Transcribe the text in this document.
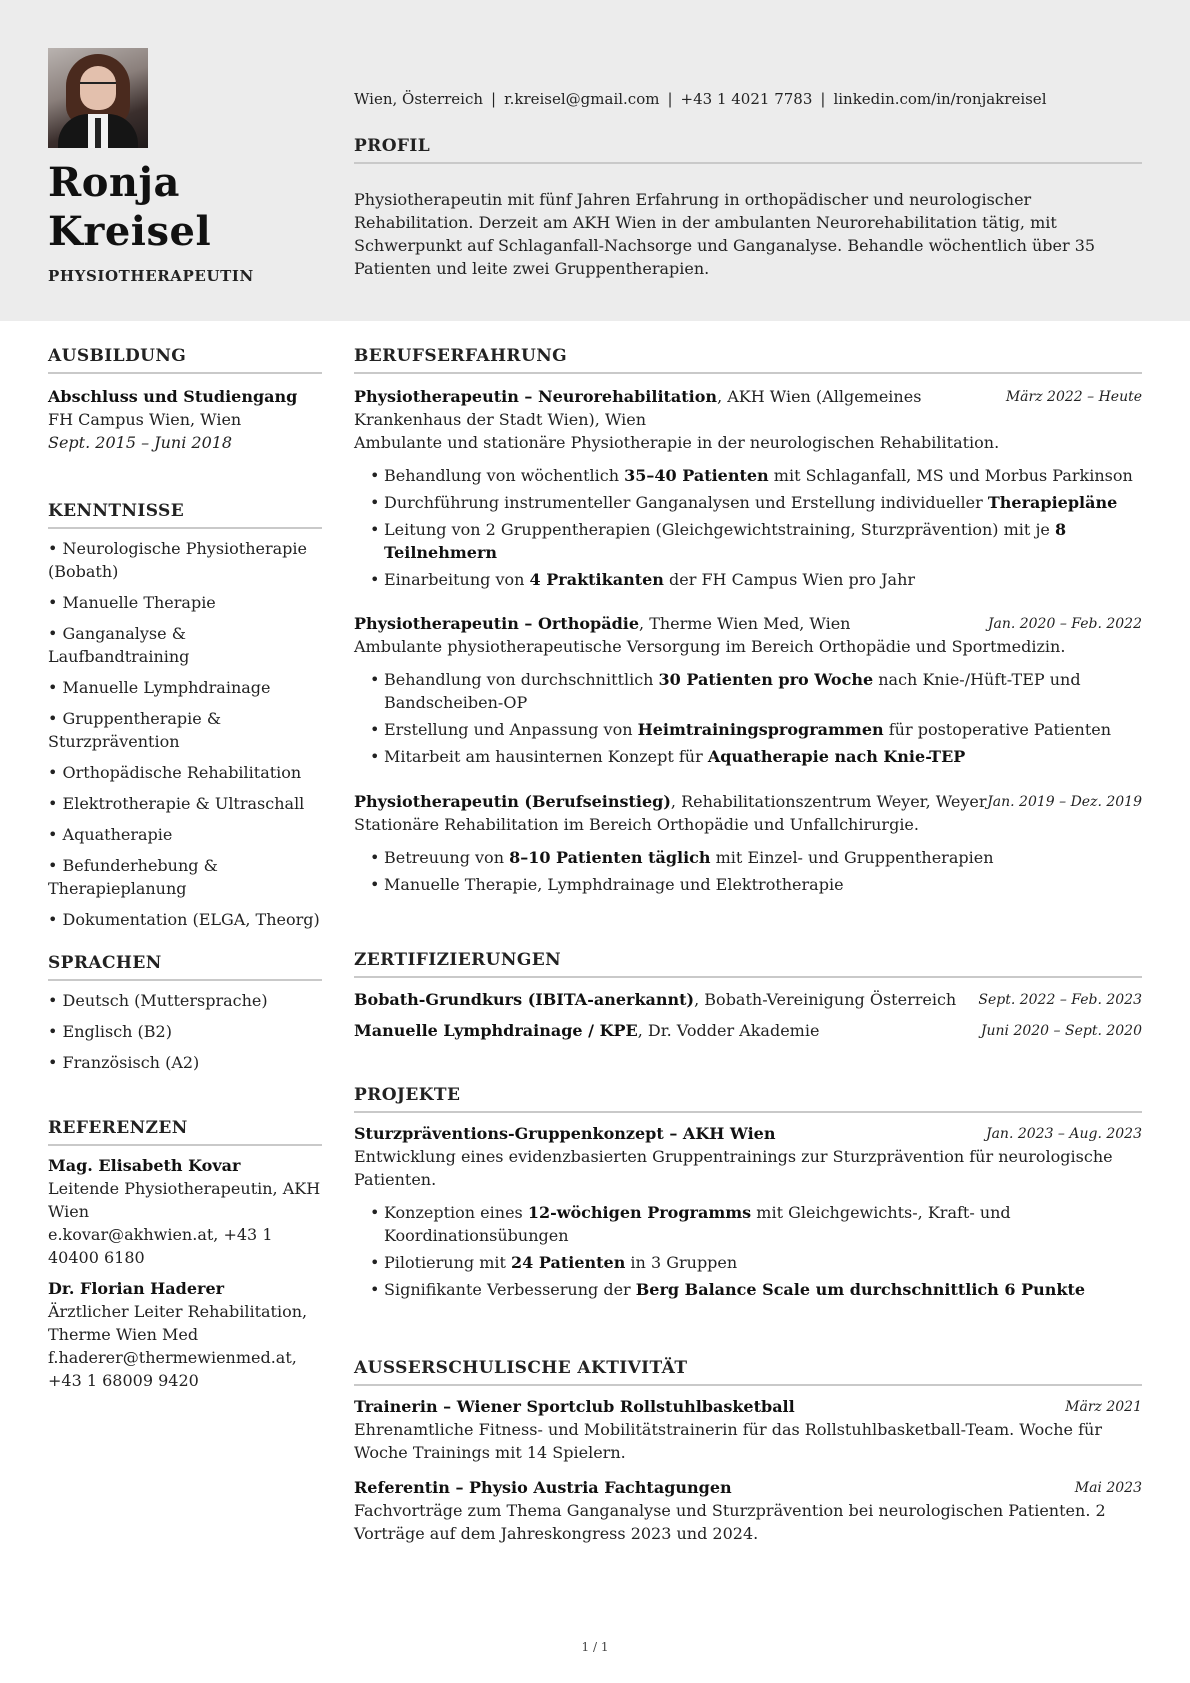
Ronja
Kreisel
PHYSIOTHERAPEUTIN
Wien, Österreich | r.kreisel@gmail.com | +43 1 4021 7783 | linkedin.com/in/ronjakreisel
PROFIL

Physiotherapeutin mit fünf Jahren Erfahrung in orthopädischer und neurologischer Rehabilitation. Derzeit am AKH Wien in der ambulanten Neurorehabilitation tätig, mit Schwerpunkt auf Schlaganfall-Nachsorge und Ganganalyse. Behandle wöchentlich über 35 Patienten und leite zwei Gruppentherapien.

AUSBILDUNG

Abschluss und Studiengang

FH Campus Wien, Wien

Sept. 2015 – Juni 2018

KENNTNISSE
• Neurologische Physiotherapie (Bobath)
• Manuelle Therapie
• Ganganalyse & Laufbandtraining
• Manuelle Lymphdrainage
• Gruppentherapie & Sturzprävention
• Orthopädische Rehabilitation
• Elektrotherapie & Ultraschall
• Aquatherapie
• Befunderhebung & Therapieplanung
• Dokumentation (ELGA, Theorg)
SPRACHEN
• Deutsch (Muttersprache)
• Englisch (B2)
• Französisch (A2)
REFERENZEN

Mag. Elisabeth Kovar

Leitende Physiotherapeutin, AKH Wien

e.kovar@akhwien.at, +43 1 40400 6180

Dr. Florian Haderer

Ärztlicher Leiter Rehabilitation, Therme Wien Med

f.haderer@thermewienmed.at, +43 1 68009 9420

BERUFSERFAHRUNG
Physiotherapeutin – Neurorehabilitation, AKH Wien (Allgemeines Krankenhaus der Stadt Wien), Wien
März 2022 – Heute

Ambulante und stationäre Physiotherapie in der neurologischen Rehabilitation.

• Behandlung von wöchentlich 35–40 Patienten mit Schlaganfall, MS und Morbus Parkinson
• Durchführung instrumenteller Ganganalysen und Erstellung individueller Therapiepläne
• Leitung von 2 Gruppentherapien (Gleichgewichtstraining, Sturzprävention) mit je 8 Teilnehmern
• Einarbeitung von 4 Praktikanten der FH Campus Wien pro Jahr
Physiotherapeutin – Orthopädie, Therme Wien Med, Wien	Jan. 2020 – Feb. 2022

Ambulante physiotherapeutische Versorgung im Bereich Orthopädie und Sportmedizin.

• Behandlung von durchschnittlich 30 Patienten pro Woche nach Knie-/Hüft-TEP und Bandscheiben-OP
• Erstellung und Anpassung von Heimtrainingsprogrammen für postoperative Patienten
• Mitarbeit am hausinternen Konzept für Aquatherapie nach Knie-TEP
Physiotherapeutin (Berufseinstieg), Rehabilitationszentrum Weyer, Weyer Jan. 2019 – Dez. 2019

Stationäre Rehabilitation im Bereich Orthopädie und Unfallchirurgie.

• Betreuung von 8–10 Patienten täglich mit Einzel- und Gruppentherapien
• Manuelle Therapie, Lymphdrainage und Elektrotherapie
ZERTIFIZIERUNGEN
Bobath-Grundkurs (IBITA-anerkannt), Bobath-Vereinigung Österreich Sept. 2022 – Feb. 2023
Manuelle Lymphdrainage / KPE, Dr. Vodder Akademie	Juni 2020 – Sept. 2020
PROJEKTE
Sturzpräventions-Gruppenkonzept – AKH Wien	Jan. 2023 – Aug. 2023

Entwicklung eines evidenzbasierten Gruppentrainings zur Sturzprävention für neurologische Patienten.

• Konzeption eines 12-wöchigen Programms mit Gleichgewichts-, Kraft- und Koordinationsübungen
• Pilotierung mit 24 Patienten in 3 Gruppen
• Signifikante Verbesserung der Berg Balance Scale um durchschnittlich 6 Punkte
AUSSERSCHULISCHE AKTIVITÄT
Trainerin – Wiener Sportclub Rollstuhlbasketball	März 2021

Ehrenamtliche Fitness- und Mobilitätstrainerin für das Rollstuhlbasketball-Team. Woche für Woche Trainings mit 14 Spielern.

Referentin – Physio Austria Fachtagungen	Mai 2023

Fachvorträge zum Thema Ganganalyse und Sturzprävention bei neurologischen Patienten. 2 Vorträge auf dem Jahreskongress 2023 und 2024.

1 / 1
